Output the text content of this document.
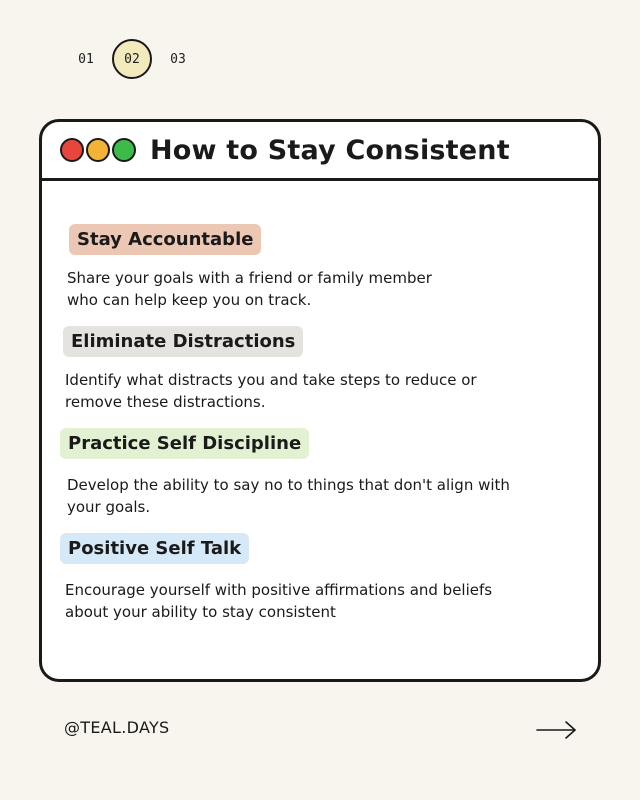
01	02	03
How to Stay Consistent
Stay Accountable
Share your goals with a friend or family member
who can help keep you on track.
Eliminate Distractions
Identify what distracts you and take steps to reduce or
remove these distractions.
Practice Self Discipline
Develop the ability to say no to things that don't align with
your goals.
Positive Self Talk
Encourage yourself with positive affirmations and beliefs
about your ability to stay consistent
@TEAL.DAYS
